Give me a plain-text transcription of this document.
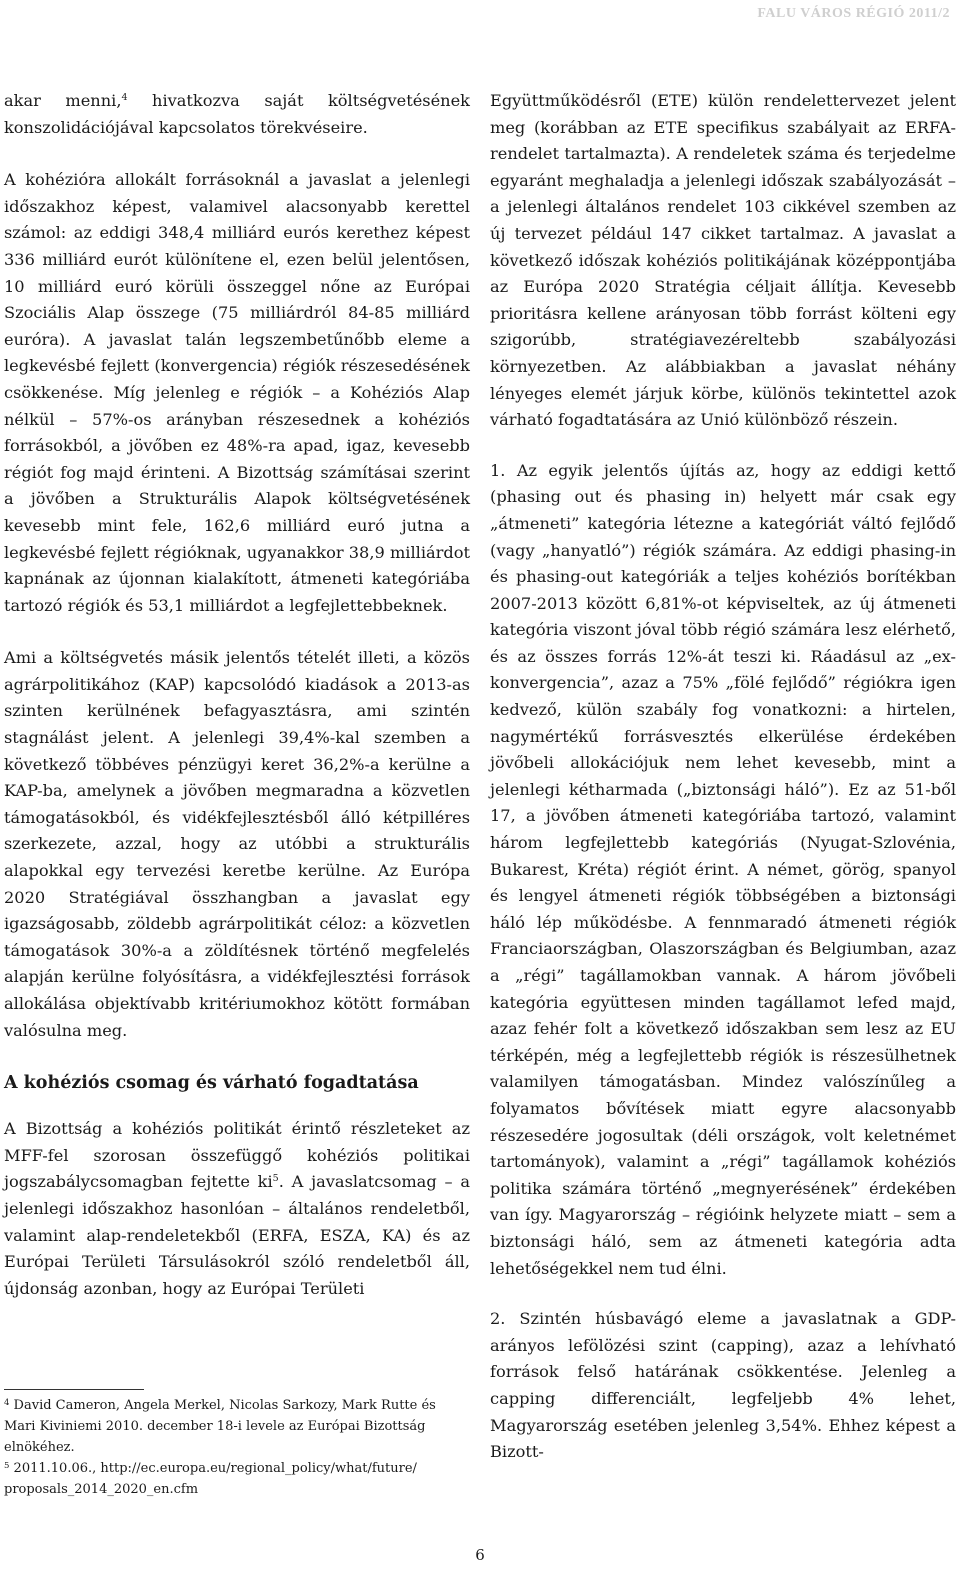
FALU VÁROS RÉGIÓ 2011/2

akar menni,$^4$ hivatkozva saját költségvetésének konszolidációjával kapcsolatos törekvéseire.

A kohézióra allokált forrásoknál a javaslat a jelenlegi időszakhoz képest, valamivel alacsonyabb kerettel számol: az eddigi 348,4 milliárd eurós kerethez képest 336 milliárd eurót különítene el, ezen belül jelentősen, 10 milliárd euró körüli összeggel nőne az Európai Szociális Alap összege (75 milliárdról 84-85 milliárd euróra). A javaslat talán legszembetűnőbb eleme a legkevésbé fejlett (konvergencia) régiók részesedésének csökkenése. Míg jelenleg e régiók – a Kohéziós Alap nélkül – 57%-os arányban részesednek a kohéziós forrásokból, a jövőben ez 48%-ra apad, igaz, kevesebb régiót fog majd érinteni. A Bizottság számításai szerint a jövőben a Strukturális Alapok költségvetésének kevesebb mint fele, 162,6 milliárd euró jutna a legkevésbé fejlett régióknak, ugyanakkor 38,9 milliárdot kapnának az újonnan kialakított, átmeneti kategóriába tartozó régiók és 53,1 milliárdot a legfejlettebbeknek.

Ami a költségvetés másik jelentős tételét illeti, a közös agrárpolitikához (KAP) kapcsolódó kiadások a 2013-as szinten kerülnének befagyasztásra, ami szintén stagnálást jelent. A jelenlegi 39,4%-kal szemben a következő többéves pénzügyi keret 36,2%-a kerülne a KAP-ba, amelynek a jövőben megmaradna a közvetlen támogatásokból, és vidékfejlesztésből álló kétpilléres szerkezete, azzal, hogy az utóbbi a strukturális alapokkal egy tervezési keretbe kerülne. Az Európa 2020 Stratégiával összhangban a javaslat egy igazságosabb, zöldebb agrárpolitikát céloz: a közvetlen támogatások 30%-a a zöldítésnek történő megfelelés alapján kerülne folyósításra, a vidékfejlesztési források allokálása objektívabb kritériumokhoz kötött formában valósulna meg.

A kohéziós csomag és várható fogadtatása

A Bizottság a kohéziós politikát érintő részleteket az MFF-fel szorosan összefüggő kohéziós politikai jogszabálycsomagban fejtette $ki^5$. A javaslatcsomag – a jelenlegi időszakhoz hasonlóan – általános rendeletből, valamint alap-rendeletekből (ERFA, ESZA, KA) és az Európai Területi Társulásokról szóló rendeletből áll, újdonság azonban, hogy az Európai Területi

Együttműködésről (ETE) külön rendelettervezet jelent meg (korábban az ETE specifikus szabályait az ERFA-rendelet tartalmazta). A rendeletek száma és terjedelme egyaránt meghaladja a jelenlegi időszak szabályozását – a jelenlegi általános rendelet 103 cikkével szemben az új tervezet például 147 cikket tartalmaz. A javaslat a következő időszak kohéziós politikájának középpontjába az Európa 2020 Stratégia céljait állítja. Kevesebb prioritásra kellene arányosan több forrást költeni egy szigorúbb, stratégiavezéreltebb szabályozási környezetben. Az alábbiakban a javaslat néhány lényeges elemét járjuk körbe, különös tekintettel azok várható fogadtatására az Unió különböző részein.

1. Az egyik jelentős újítás az, hogy az eddigi kettő (phasing out és phasing in) helyett már csak egy „átmeneti” kategória létezne a kategóriát váltó fejlődő (vagy „hanyatló”) régiók számára. Az eddigi phasing-in és phasing-out kategóriák a teljes kohéziós borítékban 2007-2013 között 6,81%-ot képviseltek, az új átmeneti kategória viszont jóval több régió számára lesz elérhető, és az összes forrás 12%-át teszi ki. Ráadásul az „ex-konvergencia”, azaz a 75% „fölé fejlődő” régiókra igen kedvező, külön szabály fog vonatkozni: a hirtelen, nagymértékű forrásvesztés elkerülése érdekében jövőbeli allokációjuk nem lehet kevesebb, mint a jelenlegi kétharmada („biztonsági háló”). Ez az 51-ből 17, a jövőben átmeneti kategóriába tartozó, valamint három legfejlettebb kategóriás (Nyugat-Szlovénia, Bukarest, Kréta) régiót érint. A német, görög, spanyol és lengyel átmeneti régiók többségében a biztonsági háló lép működésbe. A fennmaradó átmeneti régiók Franciaországban, Olaszországban és Belgiumban, azaz a „régi” tagállamokban vannak. A három jövőbeli kategória együttesen minden tagállamot lefed majd, azaz fehér folt a következő időszakban sem lesz az EU térképén, még a legfejlettebb régiók is részesülhetnek valamilyen támogatásban. Mindez valószínűleg a folyamatos bővítések miatt egyre alacsonyabb részesedére jogosultak (déli országok, volt keletnémet tartományok), valamint a „régi” tagállamok kohéziós politika számára történő „megnyerésének” érdekében van így. Magyarország – régióink helyzete miatt – sem a biztonsági háló, sem az átmeneti kategória adta lehetőségekkel nem tud élni.

2. Szintén húsbavágó eleme a javaslatnak a GDP-arányos lefölözési szint (capping), azaz a lehívható források felső határának csökkentése. Jelenleg a capping differenciált, legfeljebb 4% lehet, Magyarország esetében jelenleg 3,54%. Ehhez képest a Bizott-

$^4$ David Cameron, Angela Merkel, Nicolas Sarkozy, Mark Rutte és Mari Kiviniemi 2010. december 18-i levele az Európai Bizottság elnökéhez.

$^5$ 2011.10.06., http://ec.europa.eu/regional_policy/what/future/ proposals_2014_2020_en.cfm

6
